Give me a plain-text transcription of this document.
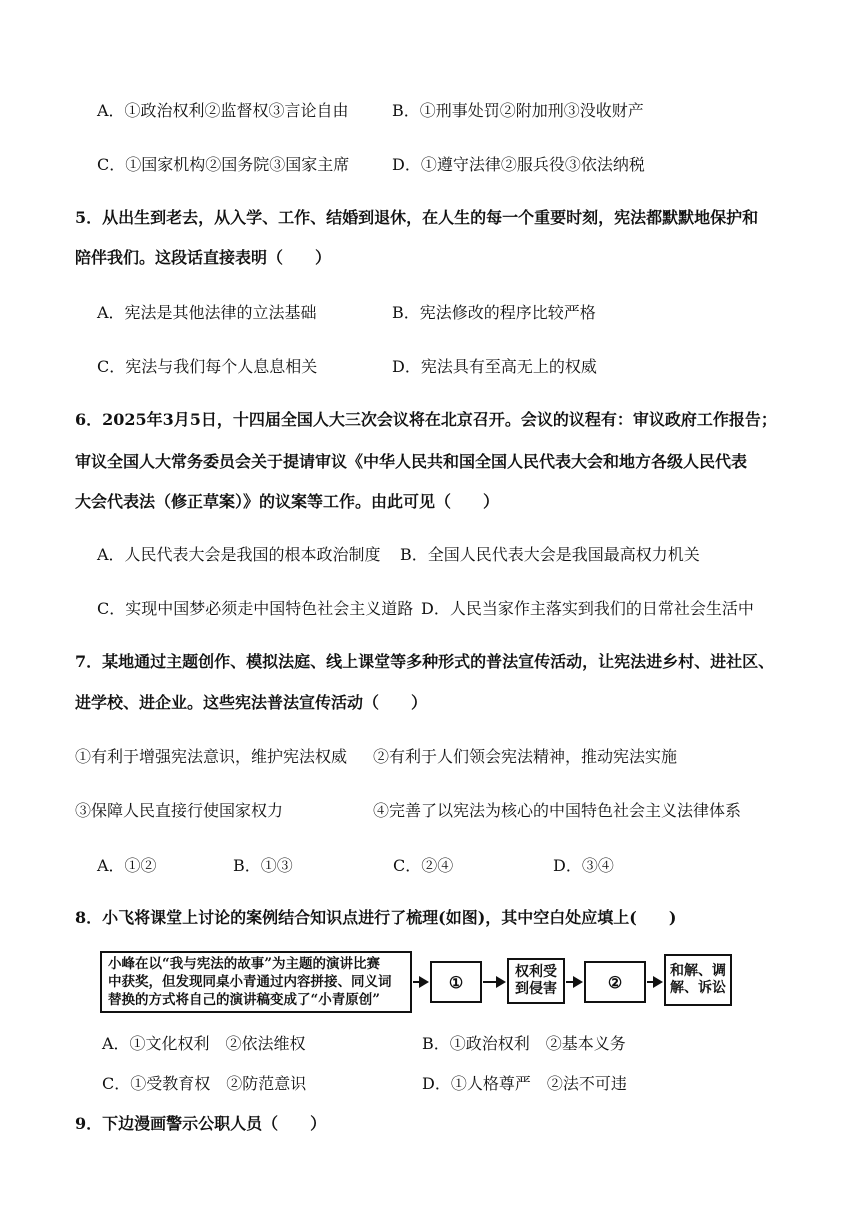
A．①政治权利②监督权③言论自由	B．①刑事处罚②附加刑③没收财产
C．①国家机构②国务院③国家主席	D．①遵守法律②服兵役③依法纳税

5．从出生到老去，从入学、工作、结婚到退休，在人生的每一个重要时刻，宪法都默默地保护和

陪伴我们。这段话直接表明（　　）

A．宪法是其他法律的立法基础	B．宪法修改的程序比较严格
C．宪法与我们每个人息息相关	D．宪法具有至高无上的权威

6．2025年3月5日，十四届全国人大三次会议将在北京召开。会议的议程有：审议政府工作报告；

审议全国人大常务委员会关于提请审议《中华人民共和国全国人民代表大会和地方各级人民代表

大会代表法（修正草案）》的议案等工作。由此可见（　　）

A．人民代表大会是我国的根本政治制度 B．全国人民代表大会是我国最高权力机关
C．实现中国梦必须走中国特色社会主义道路 D．人民当家作主落实到我们的日常社会生活中

7．某地通过主题创作、模拟法庭、线上课堂等多种形式的普法宣传活动，让宪法进乡村、进社区、

进学校、进企业。这些宪法普法宣传活动（　　）

①有利于增强宪法意识，维护宪法权威 ②有利于人们领会宪法精神，推动宪法实施
③保障人民直接行使国家权力	④完善了以宪法为核心的中国特色社会主义法律体系
A．①②	B．①③	C．②④	D．③④

8．小飞将课堂上讨论的案例结合知识点进行了梳理(如图)，其中空白处应填上(　　)

小峰在以“我与宪法的故事”为主题的演讲比赛
中获奖，但发现同桌小青通过内容拼接、同义词
替换的方式将自己的演讲稿变成了“小青原创”
①
权利受
到侵害	②
和解、调
解、诉讼
A．①文化权利　②依法维权	B．①政治权利　②基本义务
C．①受教育权　②防范意识	D．①人格尊严　②法不可违

9．下边漫画警示公职人员（　　）
